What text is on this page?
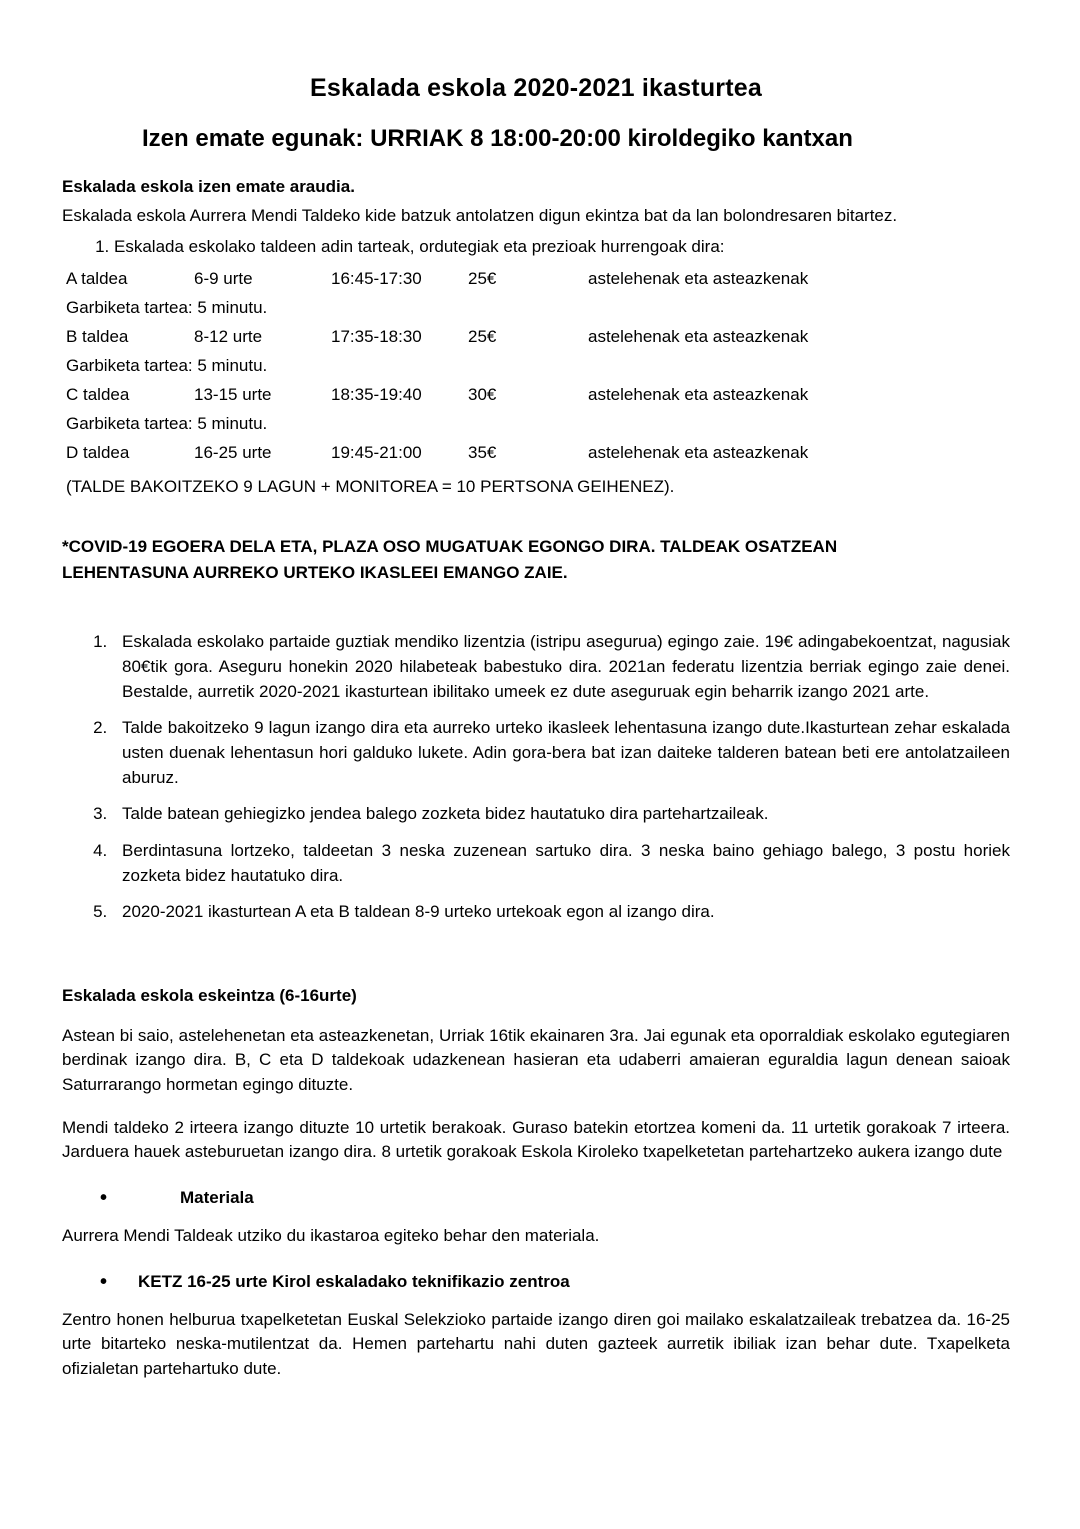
Eskalada eskola 2020-2021 ikasturtea
Izen emate egunak: URRIAK 8 18:00-20:00 kiroldegiko kantxan

Eskalada eskola izen emate araudia.

Eskalada eskola Aurrera Mendi Taldeko kide batzuk antolatzen digun ekintza bat da lan bolondresaren bitartez.

1. Eskalada eskolako taldeen adin tarteak, ordutegiak eta prezioak hurrengoak dira:
A taldea	6-9 urte	16:45-17:30	25€	astelehenak eta asteazkenak
Garbiketa tartea: 5 minutu.				
B taldea	8-12 urte	17:35-18:30	25€	astelehenak eta asteazkenak
Garbiketa tartea: 5 minutu.				
C taldea	13-15 urte	18:35-19:40	30€	astelehenak eta asteazkenak
Garbiketa tartea: 5 minutu.				
D taldea	16-25 urte	19:45-21:00	35€	astelehenak eta asteazkenak
(TALDE BAKOITZEKO 9 LAGUN + MONITOREA = 10 PERTSONA GEIHENEZ).				

*COVID-19 EGOERA DELA ETA, PLAZA OSO MUGATUAK EGONGO DIRA. TALDEAK OSATZEAN
LEHENTASUNA AURREKO URTEKO IKASLEEI EMANGO ZAIE.

1. Eskalada eskolako partaide guztiak mendiko lizentzia (istripu asegurua) egingo zaie. 19€ adingabekoentzat, nagusiak 80€tik gora. Aseguru honekin 2020 hilabeteak babestuko dira. 2021an federatu lizentzia berriak egingo zaie denei. Bestalde, aurretik 2020-2021 ikasturtean ibilitako umeek ez dute aseguruak egin beharrik izango 2021 arte.
2. Talde bakoitzeko 9 lagun izango dira eta aurreko urteko ikasleek lehentasuna izango dute.Ikasturtean zehar eskalada usten duenak lehentasun hori galduko lukete. Adin gora-bera bat izan daiteke talderen batean beti ere antolatzaileen aburuz.
3. Talde batean gehiegizko jendea balego zozketa bidez hautatuko dira partehartzaileak.
4. Berdintasuna lortzeko, taldeetan 3 neska zuzenean sartuko dira. 3 neska baino gehiago balego, 3 postu horiek zozketa bidez hautatuko dira.
5. 2020-2021 ikasturtean A eta B taldean 8-9 urteko urtekoak egon al izango dira.

Eskalada eskola eskeintza (6-16urte)

Astean bi saio, astelehenetan eta asteazkenetan, Urriak 16tik ekainaren 3ra. Jai egunak eta oporraldiak eskolako egutegiaren berdinak izango dira. B, C eta D taldekoak udazkenean hasieran eta udaberri amaieran eguraldia lagun denean saioak Saturrarango hormetan egingo dituzte.

Mendi taldeko 2 irteera izango dituzte 10 urtetik berakoak. Guraso batekin etortzea komeni da. 11 urtetik gorakoak 7 irteera. Jarduera hauek asteburuetan izango dira. 8 urtetik gorakoak Eskola Kiroleko txapelketetan partehartzeko aukera izango dute

• Materiala

Aurrera Mendi Taldeak utziko du ikastaroa egiteko behar den materiala.

• KETZ 16-25 urte Kirol eskaladako teknifikazio zentroa

Zentro honen helburua txapelketetan Euskal Selekzioko partaide izango diren goi mailako eskalatzaileak trebatzea da. 16-25 urte bitarteko neska-mutilentzat da. Hemen partehartu nahi duten gazteek aurretik ibiliak izan behar dute. Txapelketa ofizialetan partehartuko dute.
